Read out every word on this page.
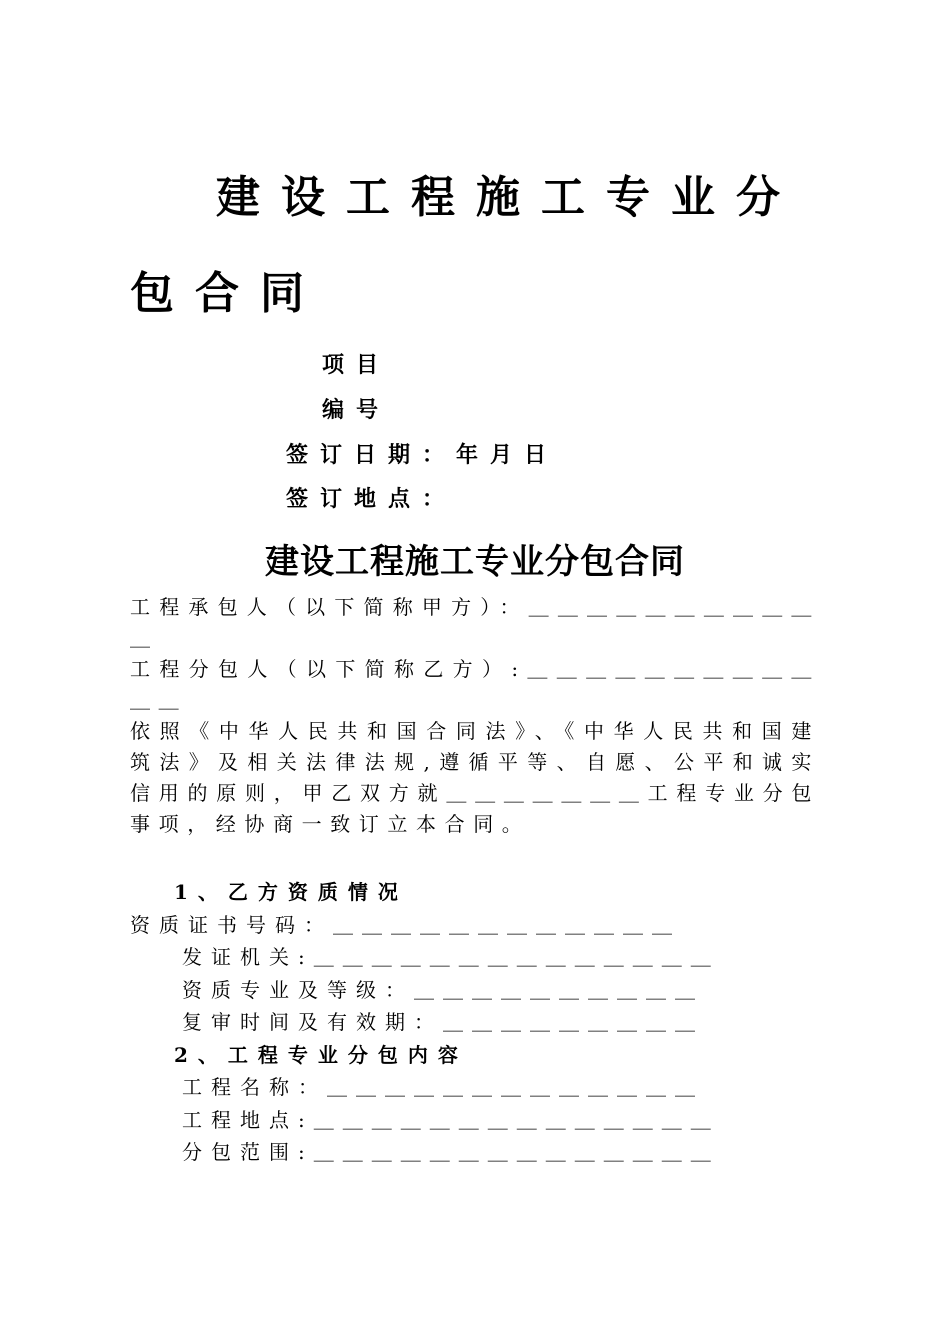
建设工程施工专业分包合同
项目
编号
签订日期：年月日
签订地点：
建设工程施工专业分包合同

工程承包人（以下简称甲方）：＿＿＿＿＿＿＿＿＿＿＿

工程分包人（以下简称乙方）:＿＿＿＿＿＿＿＿＿＿＿＿

依照《中华人民共和国合同法》、《中华人民共和国建筑法》及相关法律法规,遵循平等、自愿、公平和诚实信用的原则，甲乙双方就＿＿＿＿＿＿＿工程专业分包事项，经协商一致订立本合同。

1、乙方资质情况
资质证书号码：＿＿＿＿＿＿＿＿＿＿＿＿
发证机关:＿＿＿＿＿＿＿＿＿＿＿＿＿＿
资质专业及等级：＿＿＿＿＿＿＿＿＿＿
复审时间及有效期：＿＿＿＿＿＿＿＿＿
2、工程专业分包内容
工程名称：＿＿＿＿＿＿＿＿＿＿＿＿＿
工程地点:＿＿＿＿＿＿＿＿＿＿＿＿＿＿
分包范围:＿＿＿＿＿＿＿＿＿＿＿＿＿＿
